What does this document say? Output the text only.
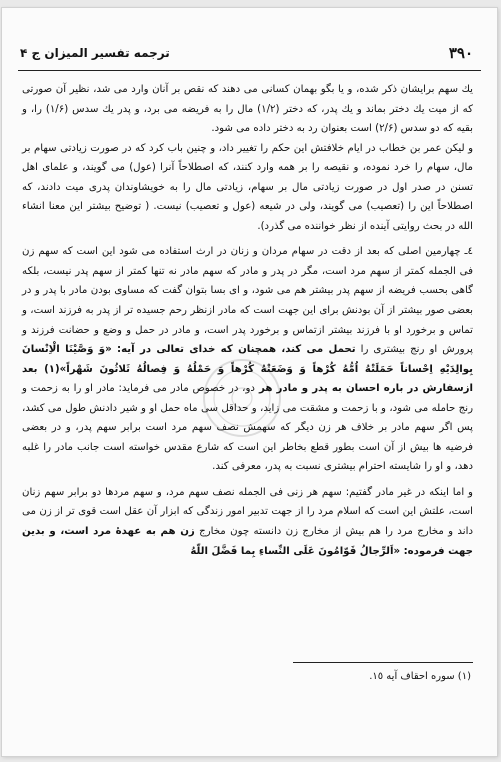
۳۹۰
ترجمه تفسير الميزان ج ۴

يك سهم برايشان ذكر شده، و يا بگو بهمان كسانى مى دهند كه نقص بر آنان وارد مى شد، نظير آن صورتى كه از ميت يك دختر بماند و يك پدر، كه دختر (۱/۲) مال را به فريضه مى برد، و پدر يك سدس (۱/۶) را، و بقيه كه دو سدس (۲/۶) است بعنوان رد به دختر داده مى شود.

و ليكن عمر بن خطاب در ايام خلافتش اين حكم را تغيير داد، و چنين باب كرد كه در صورت زيادتى سهام بر مال، سهام را خرد نموده، و نقيصه را بر همه وارد كنند، كه اصطلاحاً آنرا (عول) مى گويند، و علماى اهل تسنن در صدر اول در صورت زيادتى مال بر سهام، زيادتى مال را به خويشاوندان پدرى ميت دادند، كه اصطلاحاً اين را (تعصيب) مى گويند، ولى در شيعه (عول و تعصيب) نيست. ( توضيح بيشتر اين معنا انشاء الله در بحث روايتى آينده از نظر خواننده مى گذرد).

٤ـ چهارمين اصلى كه بعد از دقت در سهام مردان و زنان در ارث استفاده مى شود اين است كه سهم زن فى الجمله كمتر از سهم مرد است، مگر در پدر و مادر كه سهم مادر نه تنها كمتر از سهم پدر نيست، بلكه گاهى بحسب فريضه از سهم پدر بيشتر هم مى شود، و اى بسا بتوان گفت كه مساوى بودن مادر با پدر و در بعضى صور بيشتر از آن بودنش براى اين جهت است كه مادر ازنظر رحم جسيده تر از پدر به فرزند است، و تماس و برخورد او با فرزند بيشتر ازتماس و برخورد پدر است، و مادر در حمل و وضع و حضانت فرزند و پرورش او رنج بيشترى را تحمل مى كند، همچنان كه خداى تعالى در آيه: «وَ وَصَّيْنَا الْاِنْسانَ بِوالِدَيْهِ اِحْساناً حَمَلَتْهُ اُمُّهُ كُرْهاً وَ وَضَعَتْهُ كُرْهاً وَ حَمْلُهُ وَ فِصالُهُ ثَلاثُونَ شَهْراً»(١) بعد ازسفارش در باره احسان به پدر و مادر هر دو، در خصوص مادر مى فرمايد: مادر او را به زحمت و رنج حامله مى شود، و با زحمت و مشقت مى زايد، و حداقل سى ماه حمل او و شير دادنش طول مى كشد، پس اگر سهم مادر بر خلاف هر زن ديگر كه سهمش نصف سهم مرد است برابر سهم پدر، و در بعضى فرضيه ها بيش از آن است بطور قطع بخاطر اين است كه شارع مقدس خواسته است جانب مادر را غلبه دهد، و او را شايسته احترام بيشترى نسبت به پدر، معرفى كند.

و اما اينكه در غير مادر گفتيم: سهم هر زنى فى الجمله نصف سهم مرد، و سهم مردها دو برابر سهم زنان است، علتش اين است كه اسلام مرد را از جهت تدبير امور زندگى كه ابزار آن عقل است قوى تر از زن مى داند و مخارج مرد را هم بيش از مخارج زن دانسته چون مخارج زن هم به عهدۀ مرد است، و بدين جهت فرموده: «اَلرِّجالُ قَوّامُونَ عَلَى النِّساءِ بِما فَضَّلَ اللّهُ

(١) سوره احقاف آيه ١٥.
